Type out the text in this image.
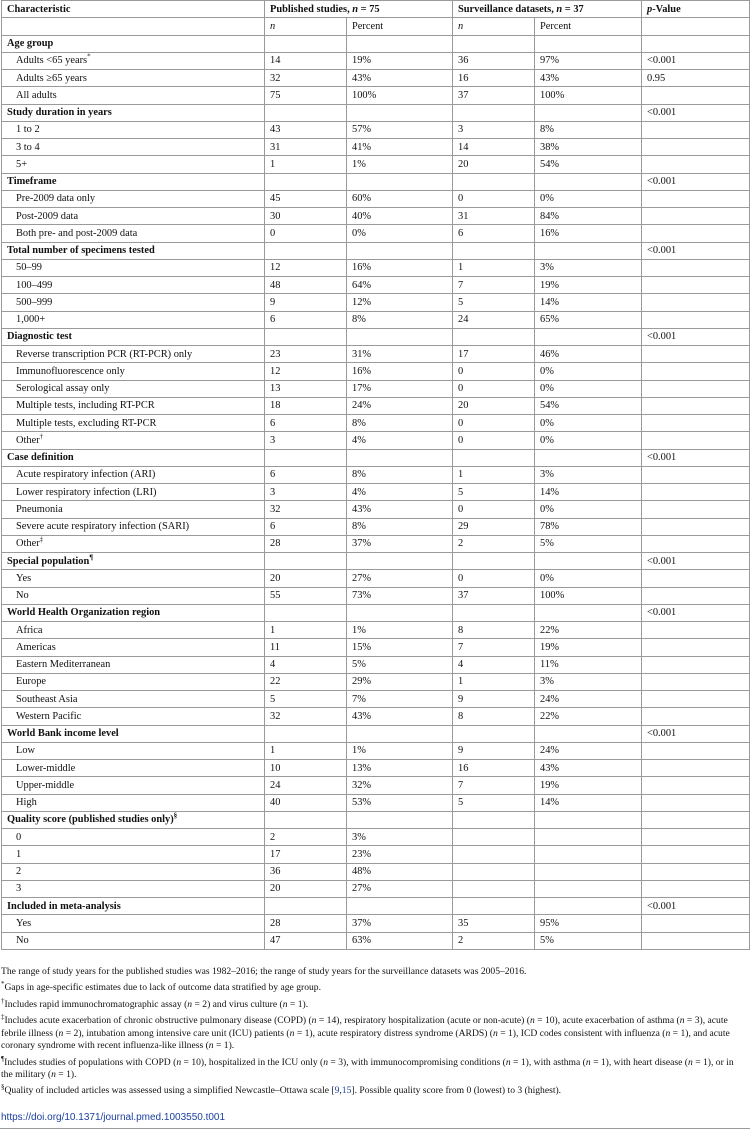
Characteristic	Published studies, n = 75		Surveillance datasets, n = 37		p-Value
	n	Percent	n	Percent	
Age group					
Adults <65 years*	14	19%	36	97%	<0.001
Adults ≥65 years	32	43%	16	43%	0.95
All adults	75	100%	37	100%	
Study duration in years					<0.001
1 to 2	43	57%	3	8%	
3 to 4	31	41%	14	38%	
5+	1	1%	20	54%	
Timeframe					<0.001
Pre-2009 data only	45	60%	0	0%	
Post-2009 data	30	40%	31	84%	
Both pre- and post-2009 data	0	0%	6	16%	
Total number of specimens tested					<0.001
50–99	12	16%	1	3%	
100–499	48	64%	7	19%	
500–999	9	12%	5	14%	
1,000+	6	8%	24	65%	
Diagnostic test					<0.001
Reverse transcription PCR (RT-PCR) only	23	31%	17	46%	
Immunofluorescence only	12	16%	0	0%	
Serological assay only	13	17%	0	0%	
Multiple tests, including RT-PCR	18	24%	20	54%	
Multiple tests, excluding RT-PCR	6	8%	0	0%	
Other†	3	4%	0	0%	
Case definition					<0.001
Acute respiratory infection (ARI)	6	8%	1	3%	
Lower respiratory infection (LRI)	3	4%	5	14%	
Pneumonia	32	43%	0	0%	
Severe acute respiratory infection (SARI)	6	8%	29	78%	
Other‡	28	37%	2	5%	
Special population¶					<0.001
Yes	20	27%	0	0%	
No	55	73%	37	100%	
World Health Organization region					<0.001
Africa	1	1%	8	22%	
Americas	11	15%	7	19%	
Eastern Mediterranean	4	5%	4	11%	
Europe	22	29%	1	3%	
Southeast Asia	5	7%	9	24%	
Western Pacific	32	43%	8	22%	
World Bank income level					<0.001
Low	1	1%	9	24%	
Lower-middle	10	13%	16	43%	
Upper-middle	24	32%	7	19%	
High	40	53%	5	14%	
Quality score (published studies only)§					
0	2	3%			
1	17	23%			
2	36	48%			
3	20	27%			
Included in meta-analysis					<0.001
Yes	28	37%	35	95%	
No	47	63%	2	5%	

The range of study years for the published studies was 1982–2016; the range of study years for the surveillance datasets was 2005–2016.

*Gaps in age-specific estimates due to lack of outcome data stratified by age group.

†Includes rapid immunochromatographic assay (n = 2) and virus culture (n = 1).

‡Includes acute exacerbation of chronic obstructive pulmonary disease (COPD) (n = 14), respiratory hospitalization (acute or non-acute) (n = 10), acute exacerbation of asthma (n = 3), acute febrile illness (n = 2), intubation among intensive care unit (ICU) patients (n = 1), acute respiratory distress syndrome (ARDS) (n = 1), ICD codes consistent with influenza (n = 1), and acute coronary syndrome with recent influenza-like illness (n = 1).

¶Includes studies of populations with COPD (n = 10), hospitalized in the ICU only (n = 3), with immunocompromising conditions (n = 1), with asthma (n = 1), with heart disease (n = 1), or in the military (n = 1).

§Quality of included articles was assessed using a simplified Newcastle–Ottawa scale [9,15]. Possible quality score from 0 (lowest) to 3 (highest).

https://doi.org/10.1371/journal.pmed.1003550.t001
